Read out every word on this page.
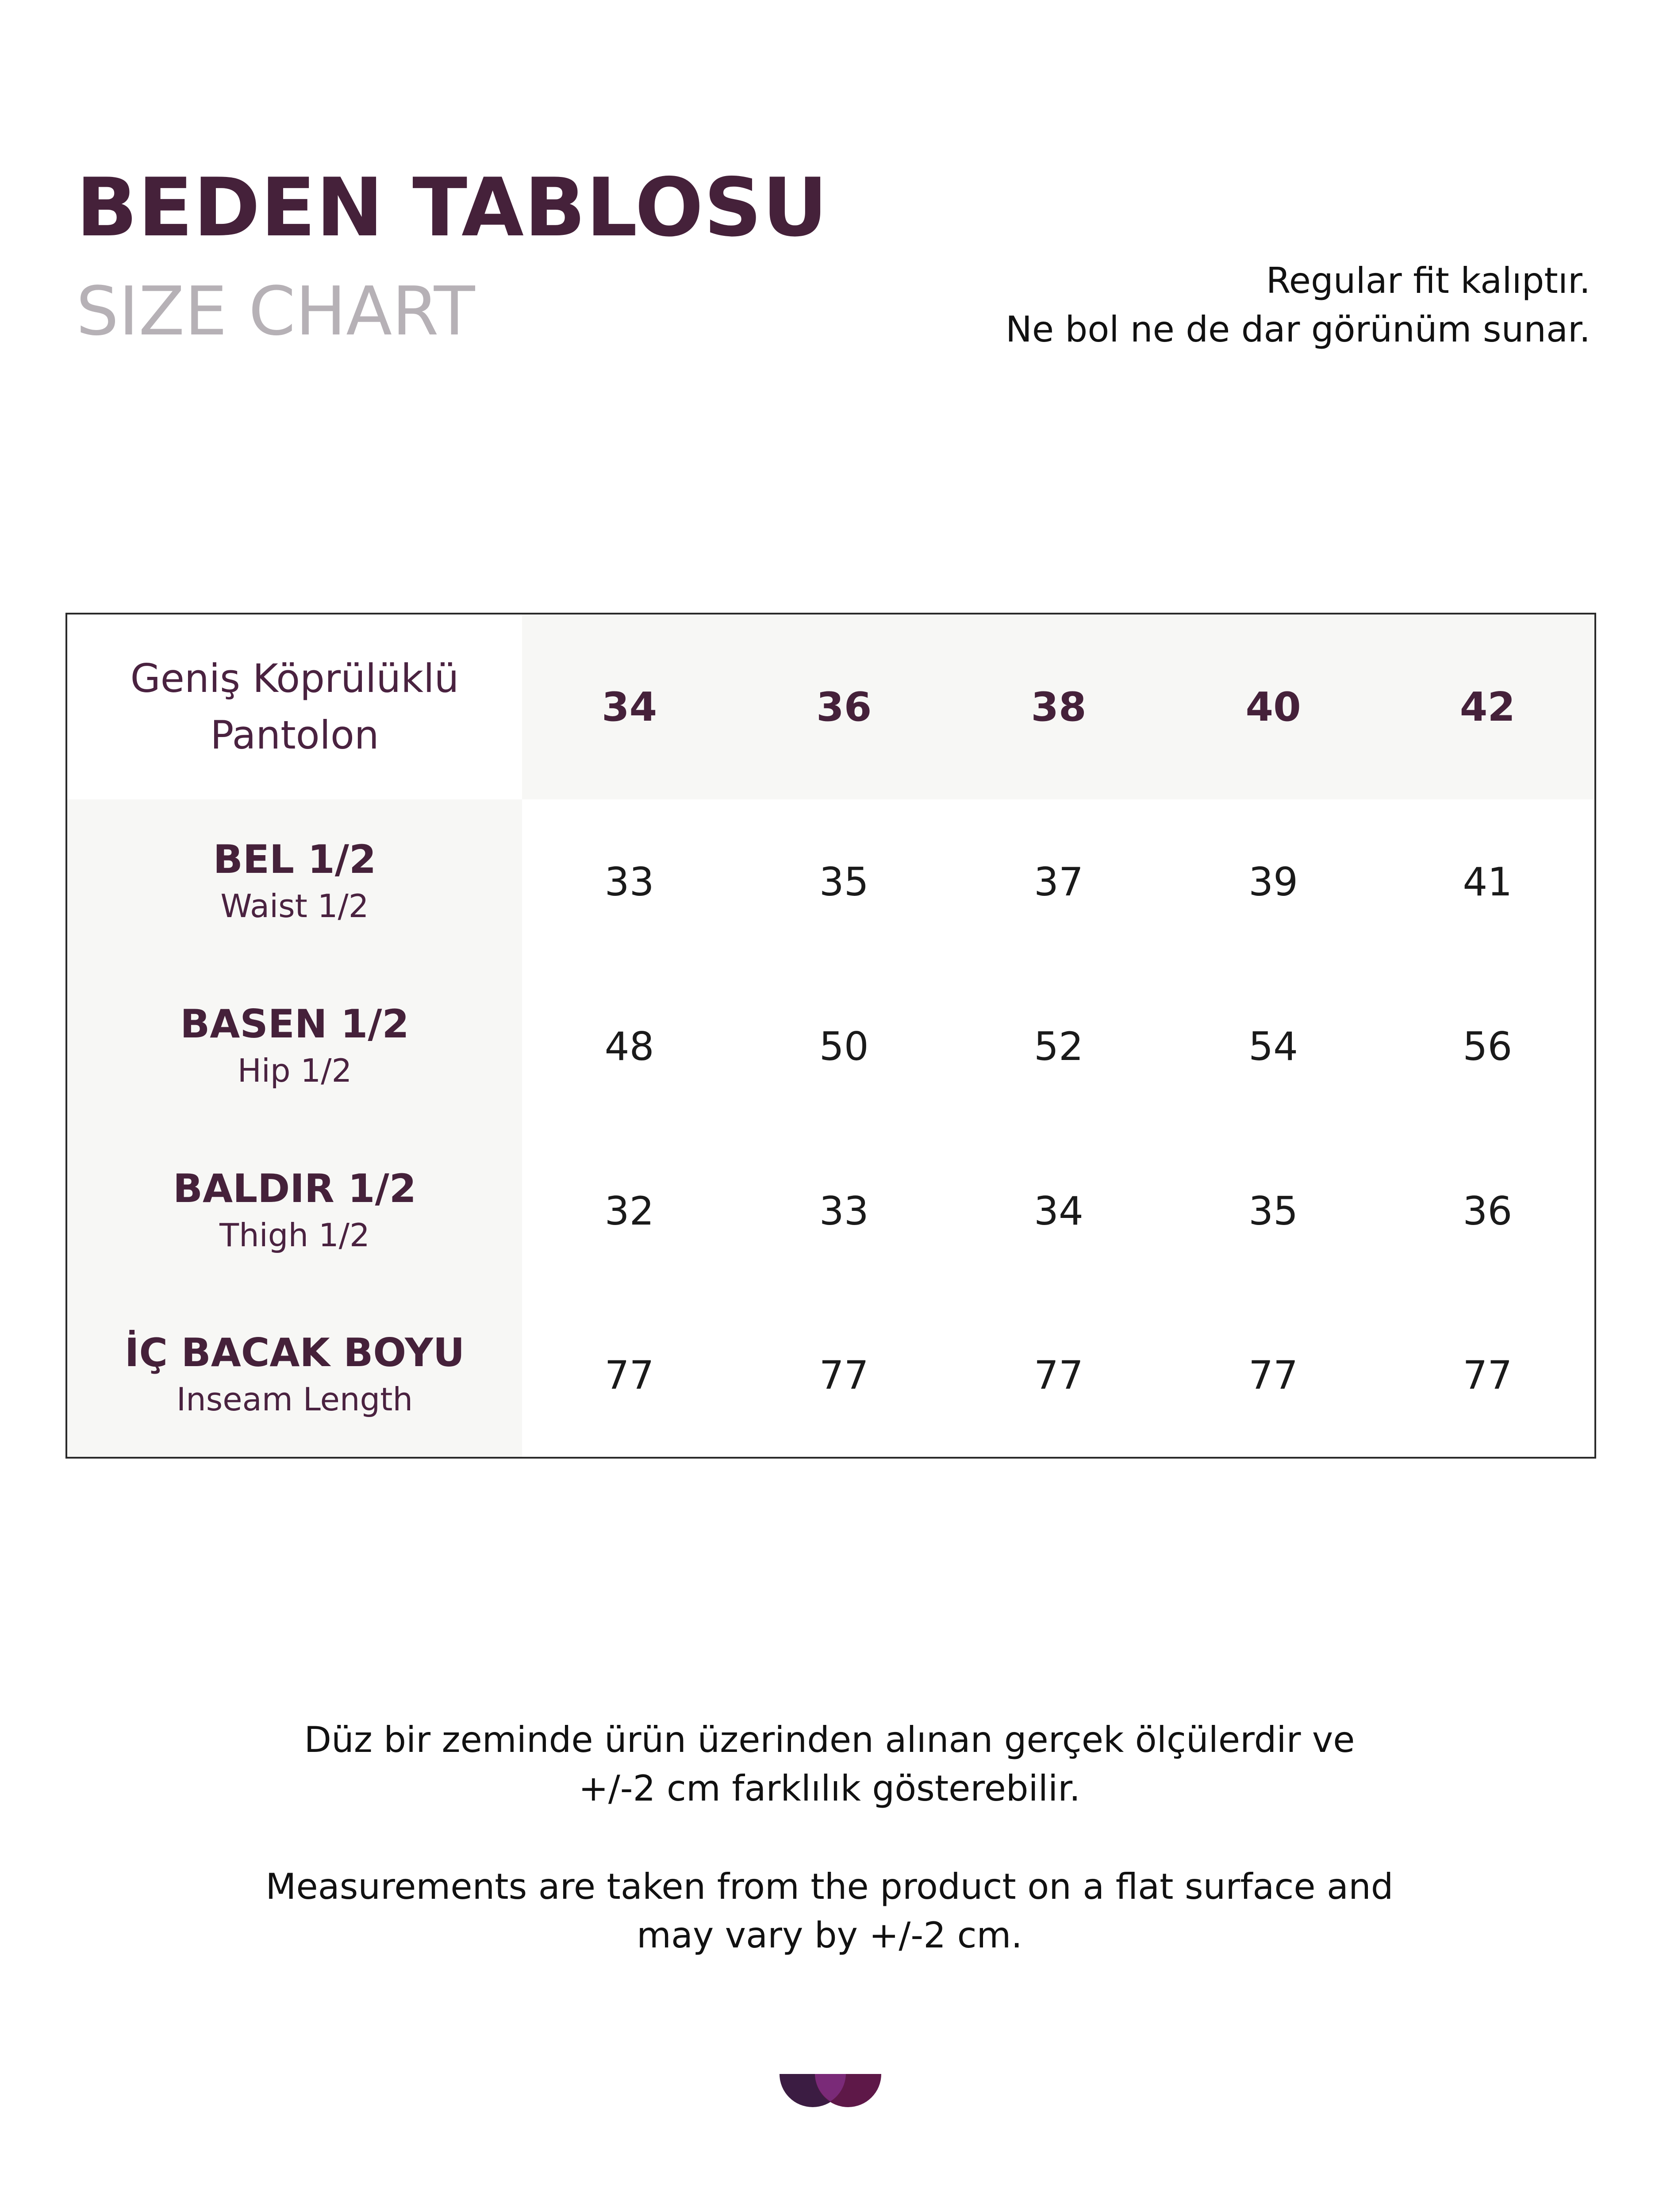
BEDEN TABLOSU
SIZE CHART	Regular fit kalıptır.
Ne bol ne de dar görünüm sunar.
Geniş Köprülüklü
Pantolon	34	36	38	40	42

BEL 1/2
Waist 1/2	33	35	37	39	41

BASEN 1/2
Hip 1/2	48	50	52	54	56

BALDIR 1/2
Thigh 1/2	32	33	34	35	36

İÇ BACAK BOYU
Inseam Length	77	77	77	77	77
Düz bir zeminde ürün üzerinden alınan gerçek ölçülerdir ve
+/-2 cm farklılık gösterebilir.
Measurements are taken from the product on a flat surface and
may vary by +/-2 cm.
